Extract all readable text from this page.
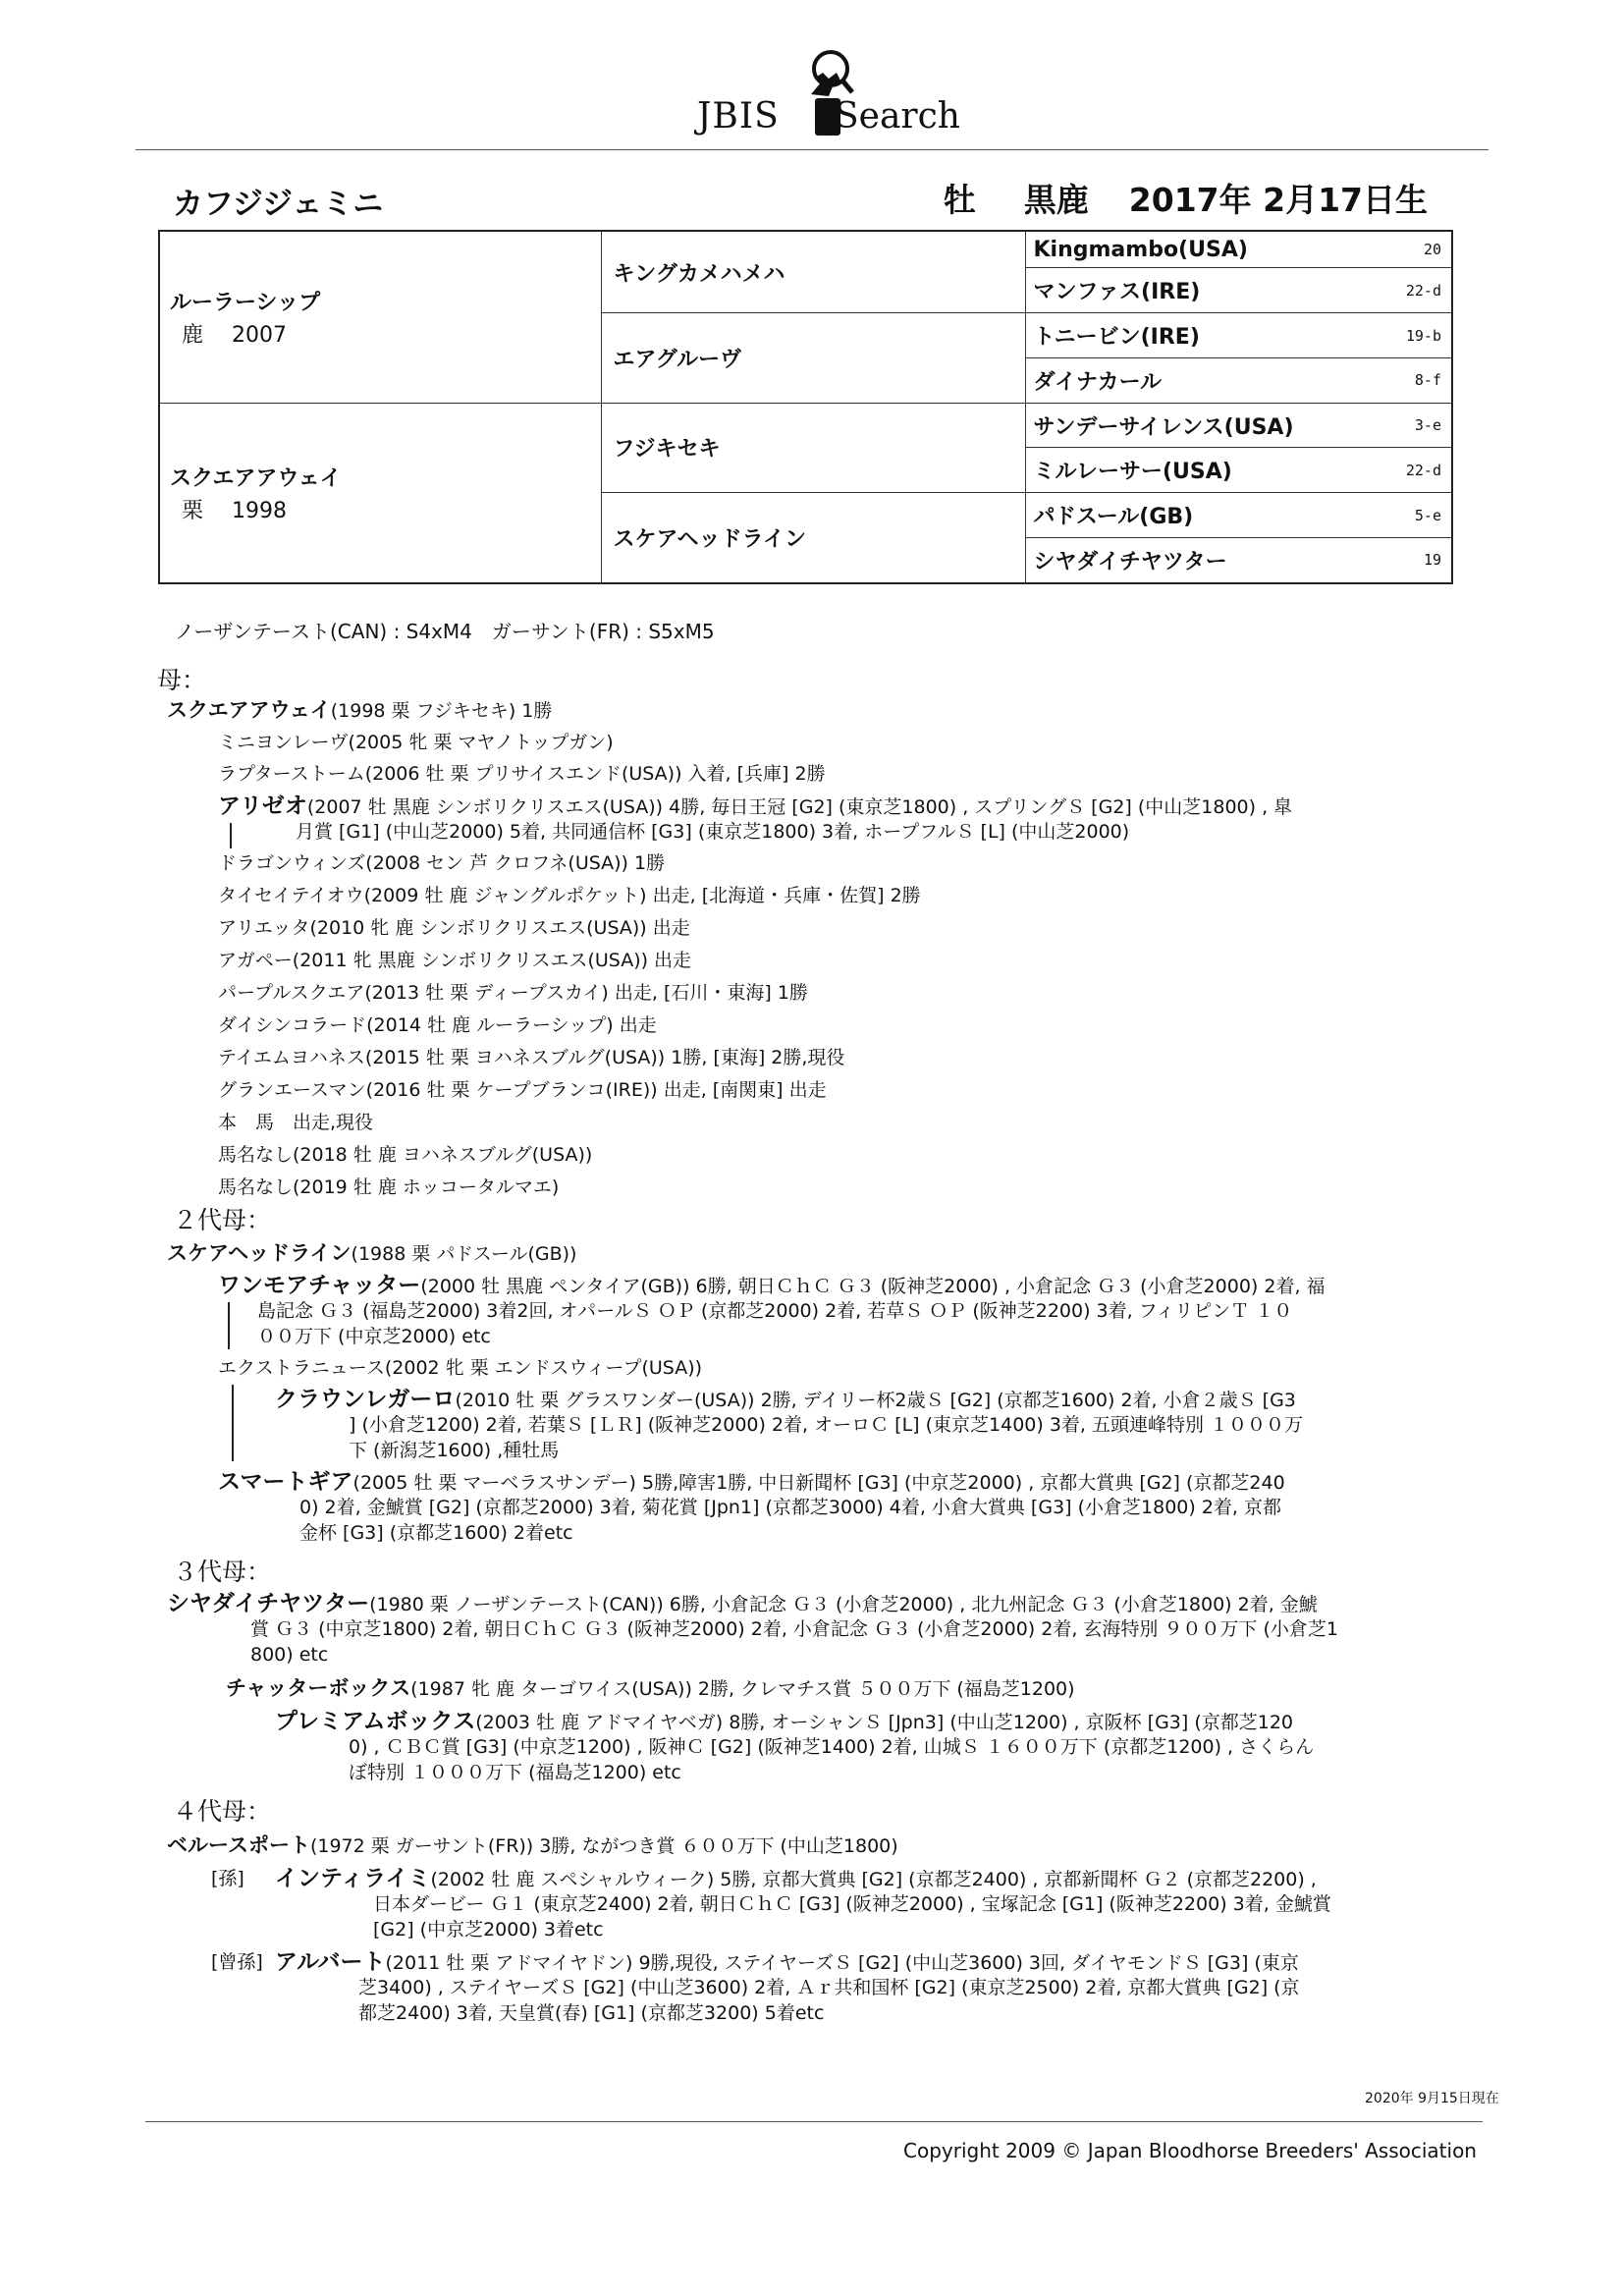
JBIS Search
カフジジェミニ	牡 黒鹿 2017年 2月17日生
ルーラーシップ
鹿　 2007	キングカメハメハ	Kingmambo(USA) 20

		マンファス(IRE) 22-d

	エアグルーヴ	トニービン(IRE) 19-b

		ダイナカール 8-f

スクエアアウェイ
栗　 1998	フジキセキ	サンデーサイレンス(USA) 3-e

		ミルレーサー(USA) 22-d

	スケアヘッドライン	パドスール(GB) 5-e

		シヤダイチヤツター 19
ノーザンテースト(CAN) : S4xM4　ガーサント(FR) : S5xM5
母：
スクエアアウェイ(1998 栗 フジキセキ) 1勝
ミニヨンレーヴ(2005 牝 栗 マヤノトップガン)
ラプターストーム(2006 牡 栗 プリサイスエンド(USA)) 入着, [兵庫] 2勝
アリゼオ(2007 牡 黒鹿 シンボリクリスエス(USA)) 4勝, 毎日王冠 [G2] (東京芝1800) , スプリングＳ [G2] (中山芝1800) , 皐
月賞 [G1] (中山芝2000) 5着, 共同通信杯 [G3] (東京芝1800) 3着, ホープフルＳ [L] (中山芝2000)
ドラゴンウィンズ(2008 セン 芦 クロフネ(USA)) 1勝
タイセイテイオウ(2009 牡 鹿 ジャングルポケット) 出走, [北海道・兵庫・佐賀] 2勝
アリエッタ(2010 牝 鹿 シンボリクリスエス(USA)) 出走
アガペー(2011 牝 黒鹿 シンボリクリスエス(USA)) 出走
パープルスクエア(2013 牡 栗 ディープスカイ) 出走, [石川・東海] 1勝
ダイシンコラード(2014 牡 鹿 ルーラーシップ) 出走
テイエムヨハネス(2015 牡 栗 ヨハネスブルグ(USA)) 1勝, [東海] 2勝,現役
グランエースマン(2016 牡 栗 ケープブランコ(IRE)) 出走, [南関東] 出走
本　馬　出走,現役
馬名なし(2018 牡 鹿 ヨハネスブルグ(USA))
馬名なし(2019 牡 鹿 ホッコータルマエ)
２代母：
スケアヘッドライン(1988 栗 パドスール(GB))
ワンモアチャッター(2000 牡 黒鹿 ペンタイア(GB)) 6勝, 朝日ＣｈＣ Ｇ３ (阪神芝2000) , 小倉記念 Ｇ３ (小倉芝2000) 2着, 福
島記念 Ｇ３ (福島芝2000) 3着2回, オパールＳ ＯＰ (京都芝2000) 2着, 若草Ｓ ＯＰ (阪神芝2200) 3着, フィリピンＴ １０
００万下 (中京芝2000) etc
エクストラニュース(2002 牝 栗 エンドスウィープ(USA))
クラウンレガーロ(2010 牡 栗 グラスワンダー(USA)) 2勝, デイリー杯2歳Ｓ [G2] (京都芝1600) 2着, 小倉２歳Ｓ [G3
] (小倉芝1200) 2着, 若葉Ｓ [ＬＲ] (阪神芝2000) 2着, オーロＣ [L] (東京芝1400) 3着, 五頭連峰特別 １０００万
下 (新潟芝1600) ,種牡馬
スマートギア(2005 牡 栗 マーベラスサンデー) 5勝,障害1勝, 中日新聞杯 [G3] (中京芝2000) , 京都大賞典 [G2] (京都芝240
0) 2着, 金鯱賞 [G2] (京都芝2000) 3着, 菊花賞 [Jpn1] (京都芝3000) 4着, 小倉大賞典 [G3] (小倉芝1800) 2着, 京都
金杯 [G3] (京都芝1600) 2着etc
３代母：
シヤダイチヤツター(1980 栗 ノーザンテースト(CAN)) 6勝, 小倉記念 Ｇ３ (小倉芝2000) , 北九州記念 Ｇ３ (小倉芝1800) 2着, 金鯱
賞 Ｇ３ (中京芝1800) 2着, 朝日ＣｈＣ Ｇ３ (阪神芝2000) 2着, 小倉記念 Ｇ３ (小倉芝2000) 2着, 玄海特別 ９００万下 (小倉芝1
800) etc
チャッターボックス(1987 牝 鹿 ターゴワイス(USA)) 2勝, クレマチス賞 ５００万下 (福島芝1200)
プレミアムボックス(2003 牡 鹿 アドマイヤベガ) 8勝, オーシャンＳ [Jpn3] (中山芝1200) , 京阪杯 [G3] (京都芝120
0) , ＣＢＣ賞 [G3] (中京芝1200) , 阪神Ｃ [G2] (阪神芝1400) 2着, 山城Ｓ １６００万下 (京都芝1200) , さくらん
ぼ特別 １０００万下 (福島芝1200) etc
４代母：
ベルースポート(1972 栗 ガーサント(FR)) 3勝, ながつき賞 ６００万下 (中山芝1800)
[孫] インティライミ(2002 牡 鹿 スペシャルウィーク) 5勝, 京都大賞典 [G2] (京都芝2400) , 京都新聞杯 Ｇ２ (京都芝2200) ,
日本ダービー Ｇ１ (東京芝2400) 2着, 朝日ＣｈＣ [G3] (阪神芝2000) , 宝塚記念 [G1] (阪神芝2200) 3着, 金鯱賞
[G2] (中京芝2000) 3着etc
[曾孫] アルバート(2011 牡 栗 アドマイヤドン) 9勝,現役, ステイヤーズＳ [G2] (中山芝3600) 3回, ダイヤモンドＳ [G3] (東京
芝3400) , ステイヤーズＳ [G2] (中山芝3600) 2着, Ａｒ共和国杯 [G2] (東京芝2500) 2着, 京都大賞典 [G2] (京
都芝2400) 3着, 天皇賞(春) [G1] (京都芝3200) 5着etc
2020年 9月15日現在
Copyright 2009 © Japan Bloodhorse Breeders' Association
